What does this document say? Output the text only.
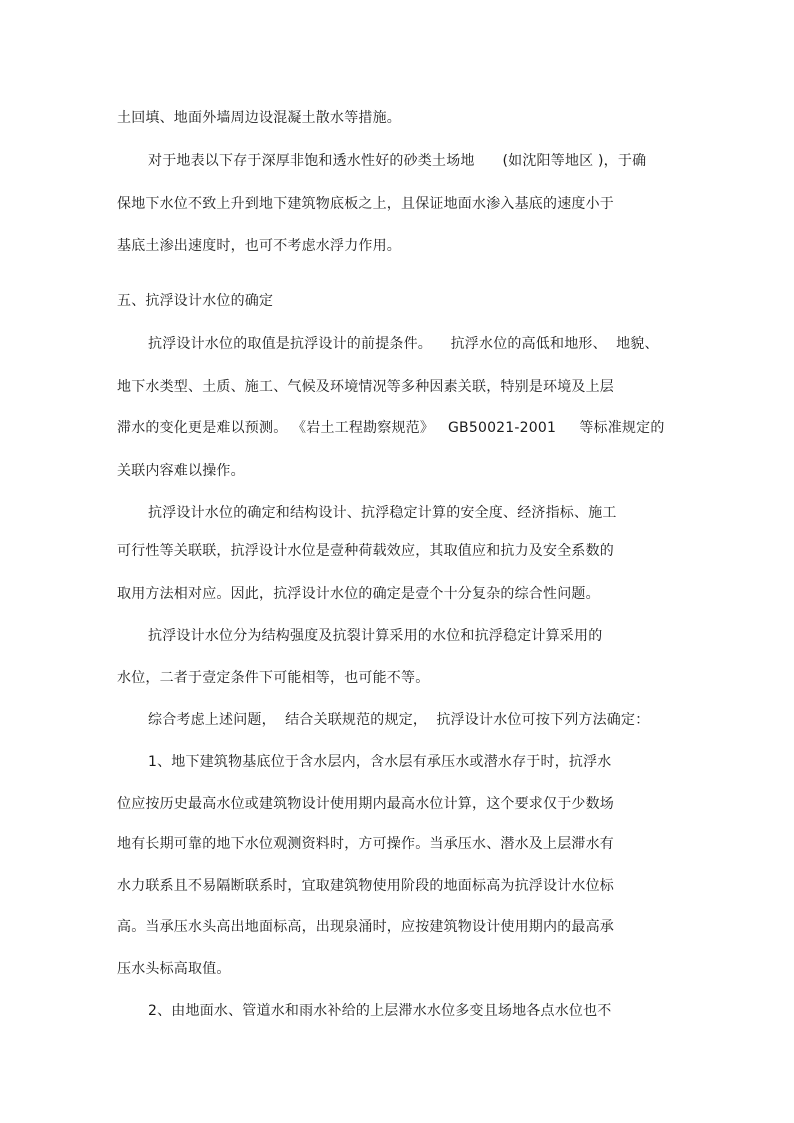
土回填、地面外墙周边设混凝土散水等措施。
对于地表以下存于深厚非饱和透水性好的砂类土场地      (如沈阳等地区 )，于确
保地下水位不致上升到地下建筑物底板之上，且保证地面水渗入基底的速度小于
基底土渗出速度时，也可不考虑水浮力作用。
五、抗浮设计水位的确定
抗浮设计水位的取值是抗浮设计的前提条件。    抗浮水位的高低和地形、  地貌、
地下水类型、土质、施工、气候及环境情况等多种因素关联，特别是环境及上层
滞水的变化更是难以预测。 《岩土工程勘察规范》   GB50021-2001     等标准规定的
关联内容难以操作。
抗浮设计水位的确定和结构设计、抗浮稳定计算的安全度、经济指标、施工
可行性等关联联，抗浮设计水位是壹种荷载效应，其取值应和抗力及安全系数的
取用方法相对应。因此，抗浮设计水位的确定是壹个十分复杂的综合性问题。
抗浮设计水位分为结构强度及抗裂计算采用的水位和抗浮稳定计算采用的
水位，二者于壹定条件下可能相等，也可能不等。
综合考虑上述问题，  结合关联规范的规定，  抗浮设计水位可按下列方法确定：
1、地下建筑物基底位于含水层内，含水层有承压水或潜水存于时，抗浮水
位应按历史最高水位或建筑物设计使用期内最高水位计算，这个要求仅于少数场
地有长期可靠的地下水位观测资料时，方可操作。当承压水、潜水及上层滞水有
水力联系且不易隔断联系时，宜取建筑物使用阶段的地面标高为抗浮设计水位标
高。当承压水头高出地面标高，出现泉涌时，应按建筑物设计使用期内的最高承
压水头标高取值。
2、由地面水、管道水和雨水补给的上层滞水水位多变且场地各点水位也不
